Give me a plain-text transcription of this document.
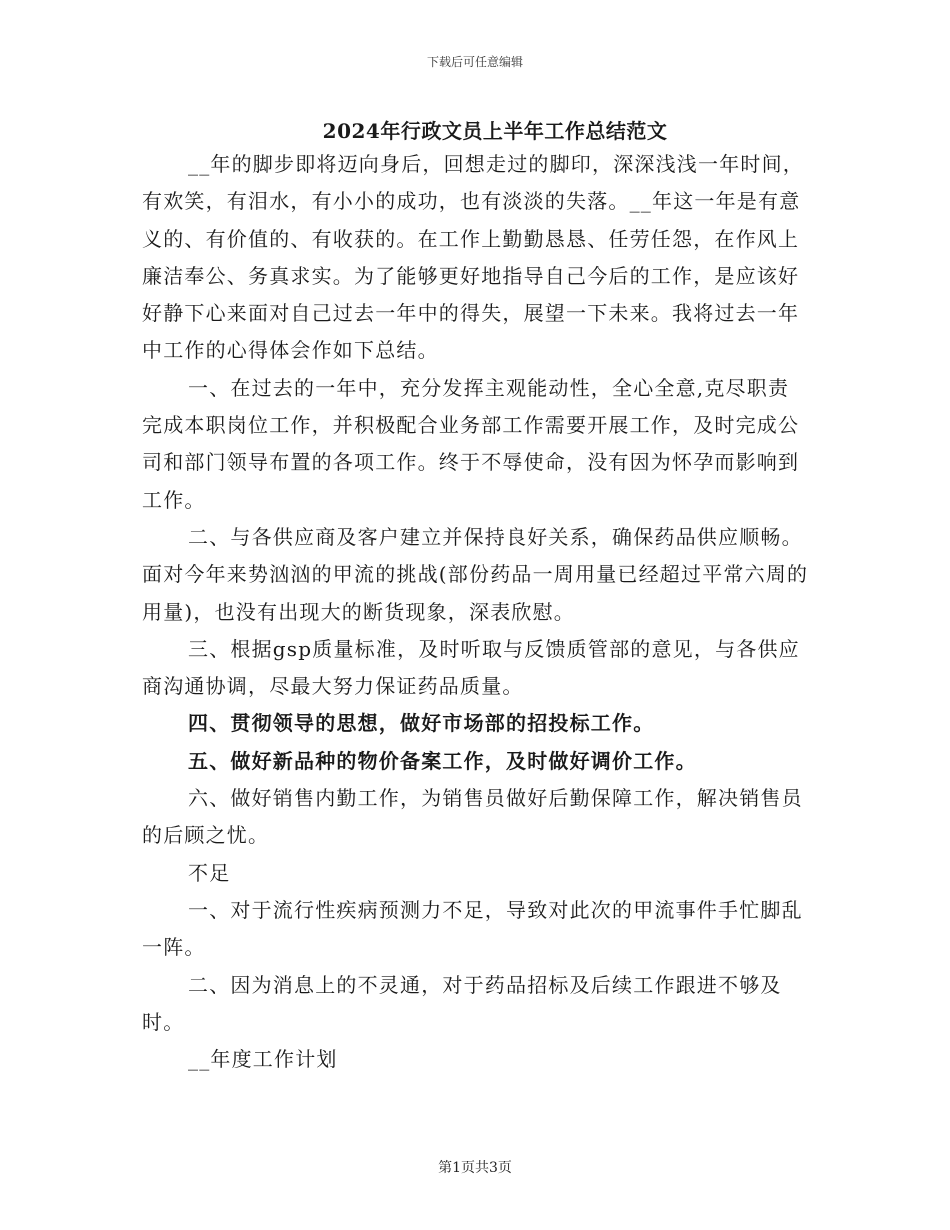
下载后可任意编辑
2024年行政文员上半年工作总结范文

__年的脚步即将迈向身后，回想走过的脚印，深深浅浅一年时间，有欢笑，有泪水，有小小的成功，也有淡淡的失落。__年这一年是有意义的、有价值的、有收获的。在工作上勤勤恳恳、任劳任怨，在作风上廉洁奉公、务真求实。为了能够更好地指导自己今后的工作，是应该好好静下心来面对自己过去一年中的得失，展望一下未来。我将过去一年中工作的心得体会作如下总结。

一、在过去的一年中，充分发挥主观能动性，全心全意,克尽职责完成本职岗位工作，并积极配合业务部工作需要开展工作，及时完成公司和部门领导布置的各项工作。终于不辱使命，没有因为怀孕而影响到工作。

二、与各供应商及客户建立并保持良好关系，确保药品供应顺畅。面对今年来势汹汹的甲流的挑战(部份药品一周用量已经超过平常六周的用量)，也没有出现大的断货现象，深表欣慰。

三、根据gsp质量标准，及时听取与反馈质管部的意见，与各供应商沟通协调，尽最大努力保证药品质量。

四、贯彻领导的思想，做好市场部的招投标工作。

五、做好新品种的物价备案工作，及时做好调价工作。

六、做好销售内勤工作，为销售员做好后勤保障工作，解决销售员的后顾之忧。

不足

一、对于流行性疾病预测力不足，导致对此次的甲流事件手忙脚乱一阵。

二、因为消息上的不灵通，对于药品招标及后续工作跟进不够及时。

__年度工作计划

第1页共3页
